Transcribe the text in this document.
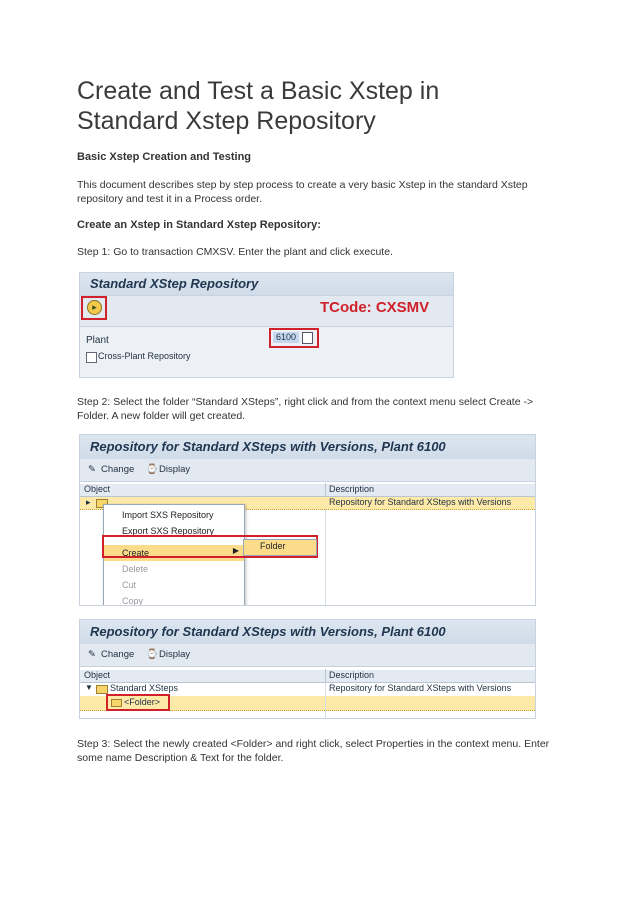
Create and Test a Basic Xstep in
Standard Xstep Repository
Basic Xstep Creation and Testing
This document describes step by step process to create a very basic Xstep in the standard Xstep
repository and test it in a Process order.
Create an Xstep in Standard Xstep Repository:
Step 1: Go to transaction CMXSV. Enter the plant and click execute.
Standard XStep Repository
▸	TCode: CXSMV
Plant	6100
Cross-Plant Repository
Step 2: Select the folder “Standard XSteps”, right click and from the context menu select Create ->
Folder. A new folder will get created.
Repository for Standard XSteps with Versions, Plant 6100
✎ Change ⌚ Display
Object	Description
▸	Repository for Standard XSteps with Versions
Import SXS Repository
Export SXS Repository
Create	▶
Delete
Cut
Copy
Folder
Repository for Standard XSteps with Versions, Plant 6100
✎ Change ⌚ Display
Object	Description
▼ Standard XSteps	Repository for Standard XSteps with Versions
<Folder>
Step 3: Select the newly created <Folder> and right click, select Properties in the context menu. Enter
some name Description & Text for the folder.
